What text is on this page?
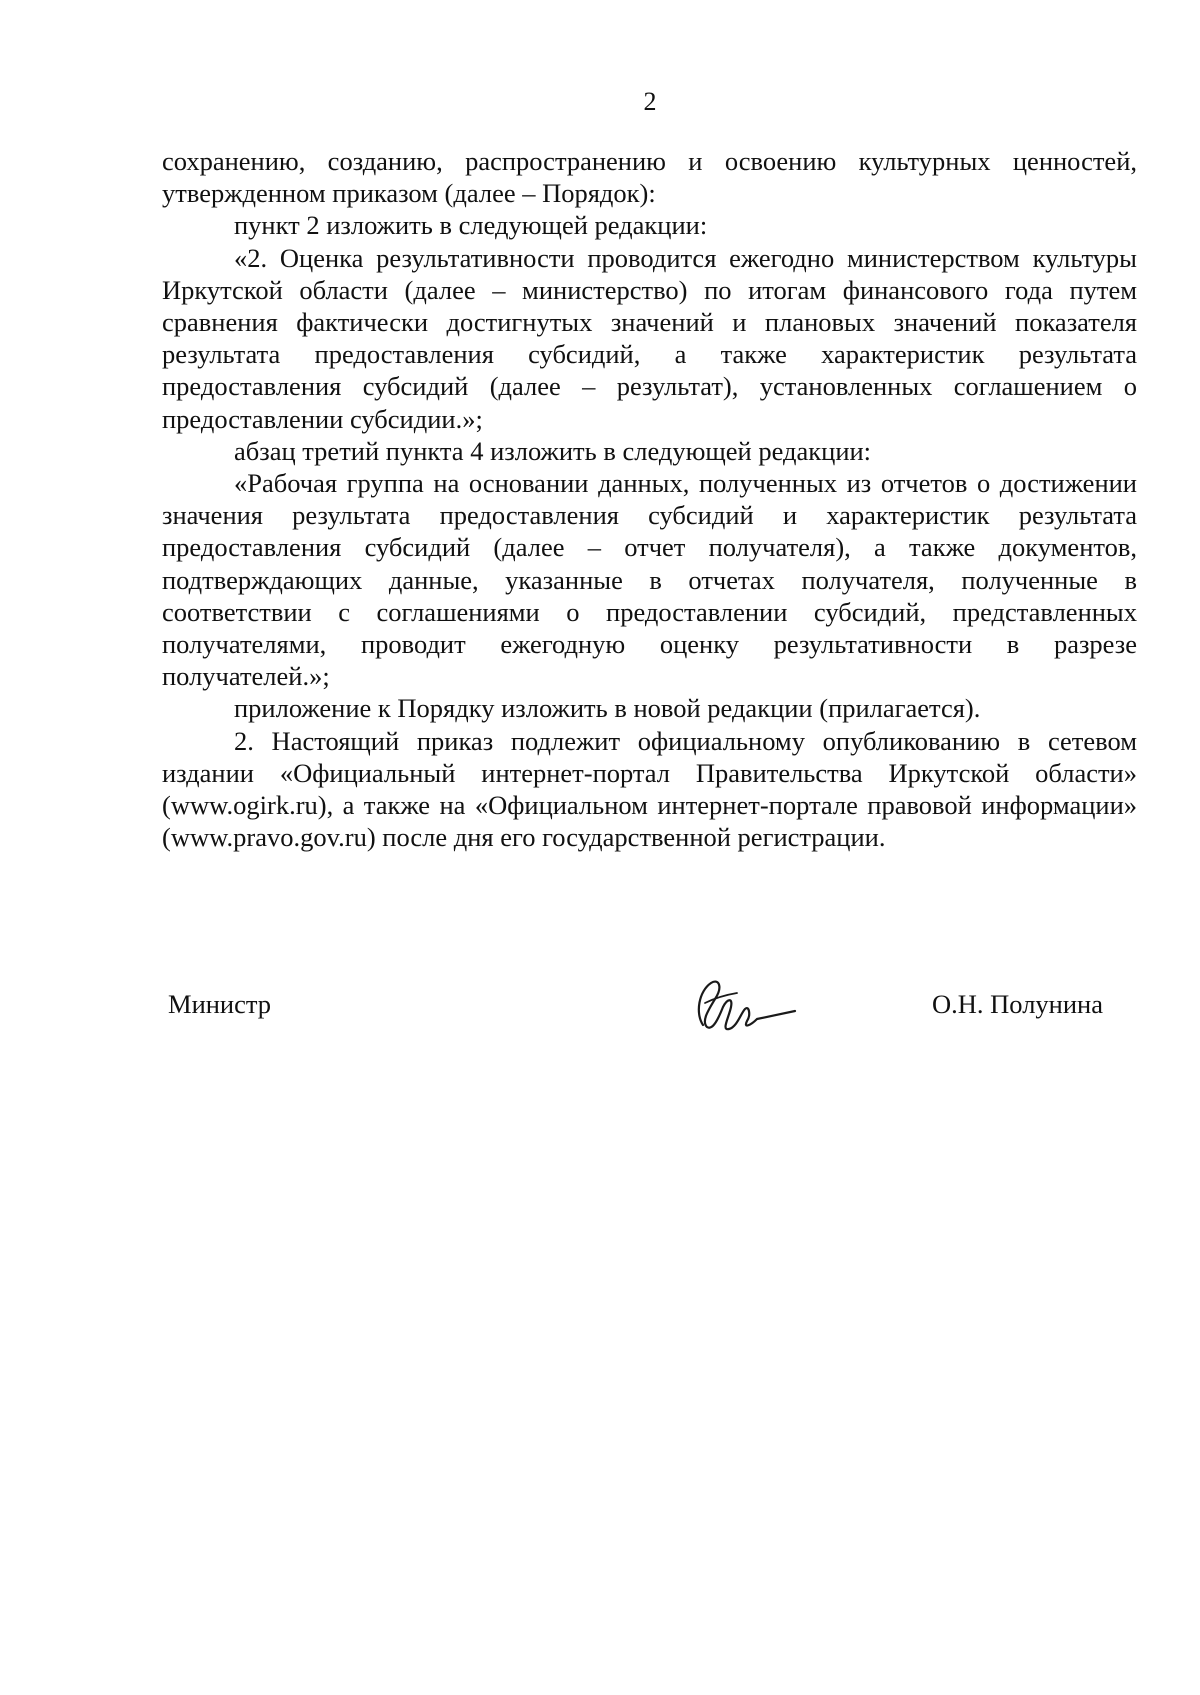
2

сохранению, созданию, распространению и освоению культурных ценностей, утвержденном приказом (далее – Порядок):

пункт 2 изложить в следующей редакции:

«2. Оценка результативности проводится ежегодно министерством культуры Иркутской области (далее – министерство) по итогам финансового года путем сравнения фактически достигнутых значений и плановых значений показателя результата предоставления субсидий, а также характеристик результата предоставления субсидий (далее – результат), установленных соглашением о предоставлении субсидии.»;

абзац третий пункта 4 изложить в следующей редакции:

«Рабочая группа на основании данных, полученных из отчетов о достижении значения результата предоставления субсидий и характеристик результата предоставления субсидий (далее – отчет получателя), а также документов, подтверждающих данные, указанные в отчетах получателя, полученные в соответствии с соглашениями о предоставлении субсидий, представленных получателями, проводит ежегодную оценку результативности в разрезе получателей.»;

приложение к Порядку изложить в новой редакции (прилагается).

2. Настоящий приказ подлежит официальному опубликованию в сетевом издании «Официальный интернет-портал Правительства Иркутской области» (www.ogirk.ru), а также на «Официальном интернет-портале правовой информации» (www.pravo.gov.ru) после дня его государственной регистрации.

Министр	О.Н. Полунина
